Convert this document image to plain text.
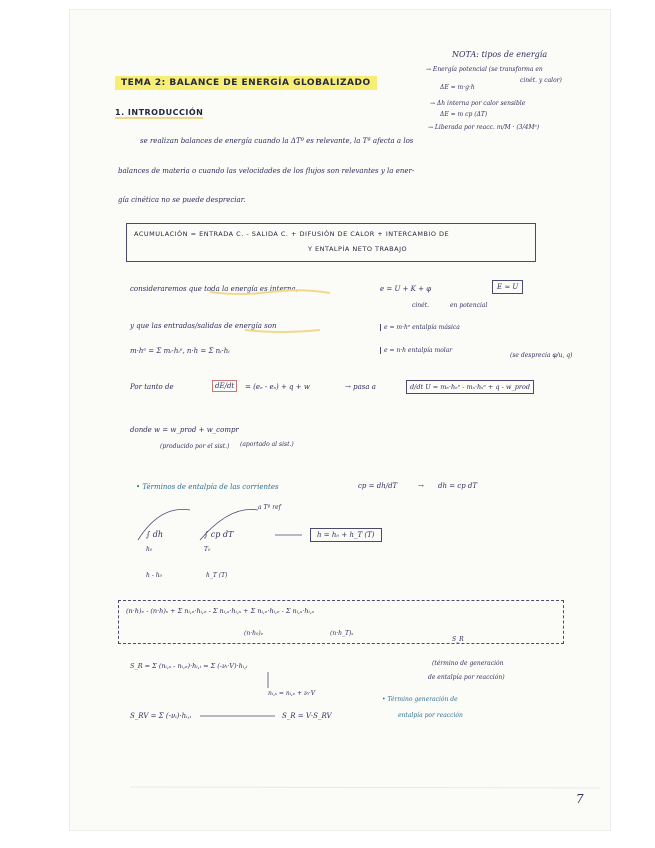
NOTA: tipos de energía
→ Energía potencial (se transforma en
cinét. y calor)
ΔE = m·g·h
→ Δh interna por calor sensible
ΔE = m cp (ΔT)
→ Liberada por reacc. m/M · (3/4Mᵉ)
TEMA 2: BALANCE DE ENERGÍA GLOBALIZADO
1. INTRODUCCIÓN
se realizan balances de energía cuando la ΔTº es relevante, la Tª afecta a los
balances de materia o cuando las velocidades de los flujos son relevantes y la ener-
gía cinética no se puede despreciar.
ACUMULACIÓN = ENTRADA C. - SALIDA C. + DIFUSIÓN DE CALOR + INTERCAMBIO DE
Y ENTALPÍA NETO TRABAJO
consideraremos que toda la energía es interna,	e = U + K + φ	E ≈ U
cinét.	en potencial
y que las entradas/salidas de energía son	e = m·hᵉ entalpía másica
e = n·h entalpía molar
(se desprecia φ/u, q)
m·hᵉ = Σ mᵢ·hᵢᵉ, n·h = Σ nᵢ·hᵢ
Por tanto de	dE/dt	= (eₑ - eₛ) + q + w	→ pasa a	d/dt U = mₑ·hₑᵉ - mₛ·hₛᵉ + q - w_prod
donde w = w_prod + w_compr
(producido por el sist.) (aportado al sist.)
• Términos de entalpía de las corrientes	cp = dh/dT	→ dh = cp dT
a Tº ref
∫ dh	∫ cp dT
h₀	T₀
h - h₀	h_T (T)
h = h₀ + h_T (T)
(n·h)ₑ - (n·h)ₛ + Σ nᵢ,ₑ·hᵢ,ₑ - Σ nᵢ,ₛ·hᵢ,ₛ + Σ nᵢ,ₑ·hᵢ,ₑ - Σ nᵢ,ₛ·hᵢ,ₛ
(n·h₀)ₑ	(n·h_T)ₛ
S_R
S_R = Σ (nᵢ,ₛ - nᵢ,ₑ)·hᵢ,ᵢ = Σ (-νᵢ·V)·hᵢ,ᵢ
nᵢ,ₛ = nᵢ,ₑ + νᵢ·V
(término de generación
de entalpía por reacción)
S_RV = Σ (-νᵢ)·hᵢ,ᵢ	S_R = V·S_RV
• Término generación de
entalpía por reacción
7
